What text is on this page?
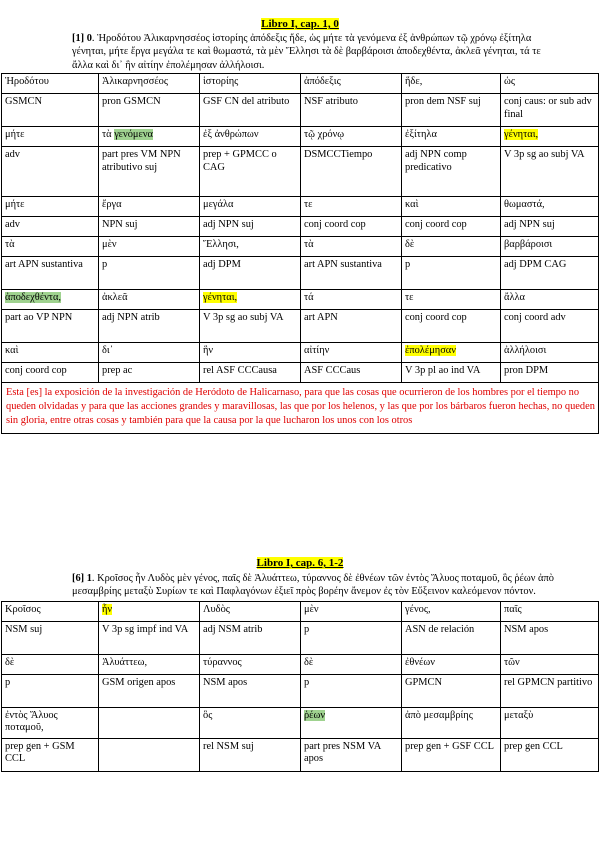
Libro I, cap. 1, 0
[1] 0. Ἡροδότου Ἁλικαρνησσέος ἱστορίης ἀπόδεξις ἥδε, ὡς μήτε τὰ γενόμενα ἐξ ἀνθρώπων τῷ χρόνῳ ἐξίτηλα γένηται, μήτε ἔργα μεγάλα τε καὶ θωμαστά, τὰ μὲν Ἕλλησι τὰ δὲ βαρβάροισι ἀποδεχθέντα, ἀκλεᾶ γένηται, τά τε ἄλλα καὶ δι᾽ ἣν αἰτίην ἐπολέμησαν ἀλλήλοισι.
Ἡροδότου	Ἁλικαρνησσέος	ἱστορίης	ἀπόδεξις	ἥδε,	ὡς
GSMCN	pron GSMCN	GSF CN del atributo	NSF atributo	pron dem NSF suj	conj caus: or sub adv final
μήτε	τὰ γενόμενα	ἐξ ἀνθρώπων	τῷ χρόνῳ	ἐξίτηλα	γένηται,
adv	part pres VM NPN atributivo suj	prep + GPMCC o CAG	DSMCCTiempo	adj NPN comp predicativo	V 3p sg ao subj VA
μήτε	ἔργα	μεγάλα	τε	καὶ	θωμαστά,
adv	NPN suj	adj NPN suj	conj coord cop	conj coord cop	adj NPN suj
τὰ	μὲν	Ἕλλησι,	τὰ	δὲ	βαρβάροισι
art APN sustantiva	p	adj DPM	art APN sustantiva	p	adj DPM CAG
ἀποδεχθέντα,	ἀκλεᾶ	γένηται,	τά	τε	ἄλλα
part ao VP NPN	adj NPN atrib	V 3p sg ao subj VA	art APN	conj coord cop	conj coord adv
καὶ	δι᾽	ἣν	αἰτίην	ἐπολέμησαν	ἀλλήλοισι
conj coord cop	prep ac	rel ASF CCCausa	ASF CCCaus	V 3p pl ao ind VA	pron DPM
Esta [es] la exposición de la investigación de Heródoto de Halicarnaso, para que las cosas que ocurrieron de los hombres por el tiempo no queden olvidadas y para que las acciones grandes y maravillosas, las que por los helenos, y las que por los bárbaros fueron hechas, no queden sin gloria, entre otras cosas y también para que la causa por la que lucharon los unos con los otros					
Libro I, cap. 6, 1-2
[6] 1. Κροῖσος ἦν Λυδὸς μὲν γένος, παῖς δὲ Ἀλυάττεω, τύραννος δὲ ἐθνέων τῶν ἐντὸς Ἅλυος ποταμοῦ, ὃς ῥέων ἀπὸ μεσαμβρίης μεταξὺ Συρίων τε καὶ Παφλαγόνων ἐξιεῖ πρὸς βορέην ἄνεμον ἐς τὸν Εὔξεινον καλεόμενον πόντον.
Κροῖσος	ἦν	Λυδὸς	μὲν	γένος,	παῖς
NSM suj	V 3p sg impf ind VA	adj NSM atrib	p	ASN de relación	NSM apos
δὲ	Ἀλυάττεω,	τύραννος	δὲ	ἐθνέων	τῶν
p	GSM origen apos	NSM apos	p	GPMCN	rel GPMCN partitivo
ἐντὸς Ἅλυος ποταμοῦ,		ὃς	ῥέων	ἀπὸ μεσαμβρίης	μεταξὺ
prep gen + GSM CCL		rel NSM suj	part pres NSM VA apos	prep gen + GSF CCL	prep gen CCL
